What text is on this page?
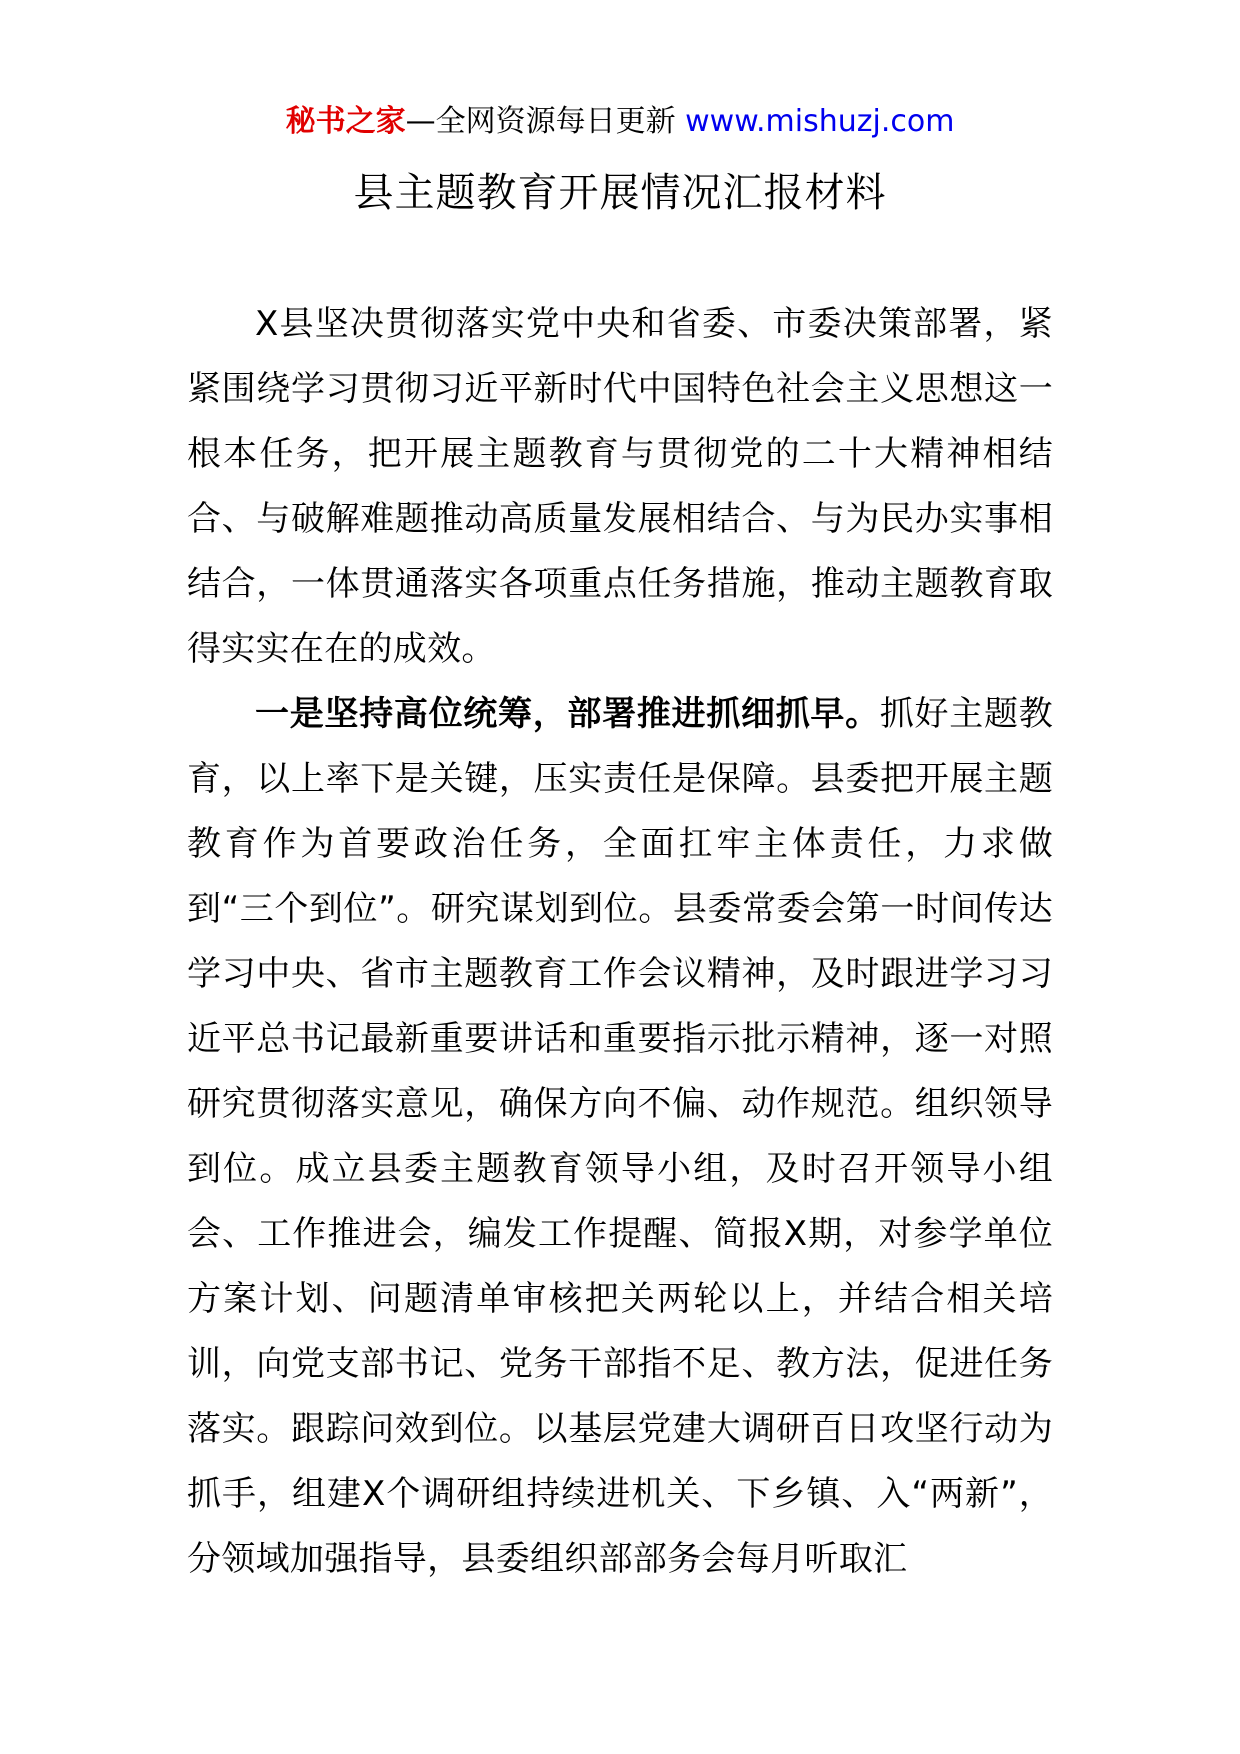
秘书之家—全网资源每日更新 www.mishuzj.com
县主题教育开展情况汇报材料

X县坚决贯彻落实党中央和省委、市委决策部署，紧紧围绕学习贯彻习近平新时代中国特色社会主义思想这一根本任务，把开展主题教育与贯彻党的二十大精神相结合、与破解难题推动高质量发展相结合、与为民办实事相结合，一体贯通落实各项重点任务措施，推动主题教育取得实实在在的成效。

一是坚持高位统筹，部署推进抓细抓早。抓好主题教育，以上率下是关键，压实责任是保障。县委把开展主题教育作为首要政治任务，全面扛牢主体责任，力求做到“三个到位”。研究谋划到位。县委常委会第一时间传达学习中央、省市主题教育工作会议精神，及时跟进学习习近平总书记最新重要讲话和重要指示批示精神，逐一对照研究贯彻落实意见，确保方向不偏、动作规范。组织领导到位。成立县委主题教育领导小组，及时召开领导小组会、工作推进会，编发工作提醒、简报X期，对参学单位方案计划、问题清单审核把关两轮以上，并结合相关培训，向党支部书记、党务干部指不足、教方法，促进任务落实。跟踪问效到位。以基层党建大调研百日攻坚行动为抓手，组建X个调研组持续进机关、下乡镇、入“两新”，分领域加强指导，县委组织部部务会每月听取汇
